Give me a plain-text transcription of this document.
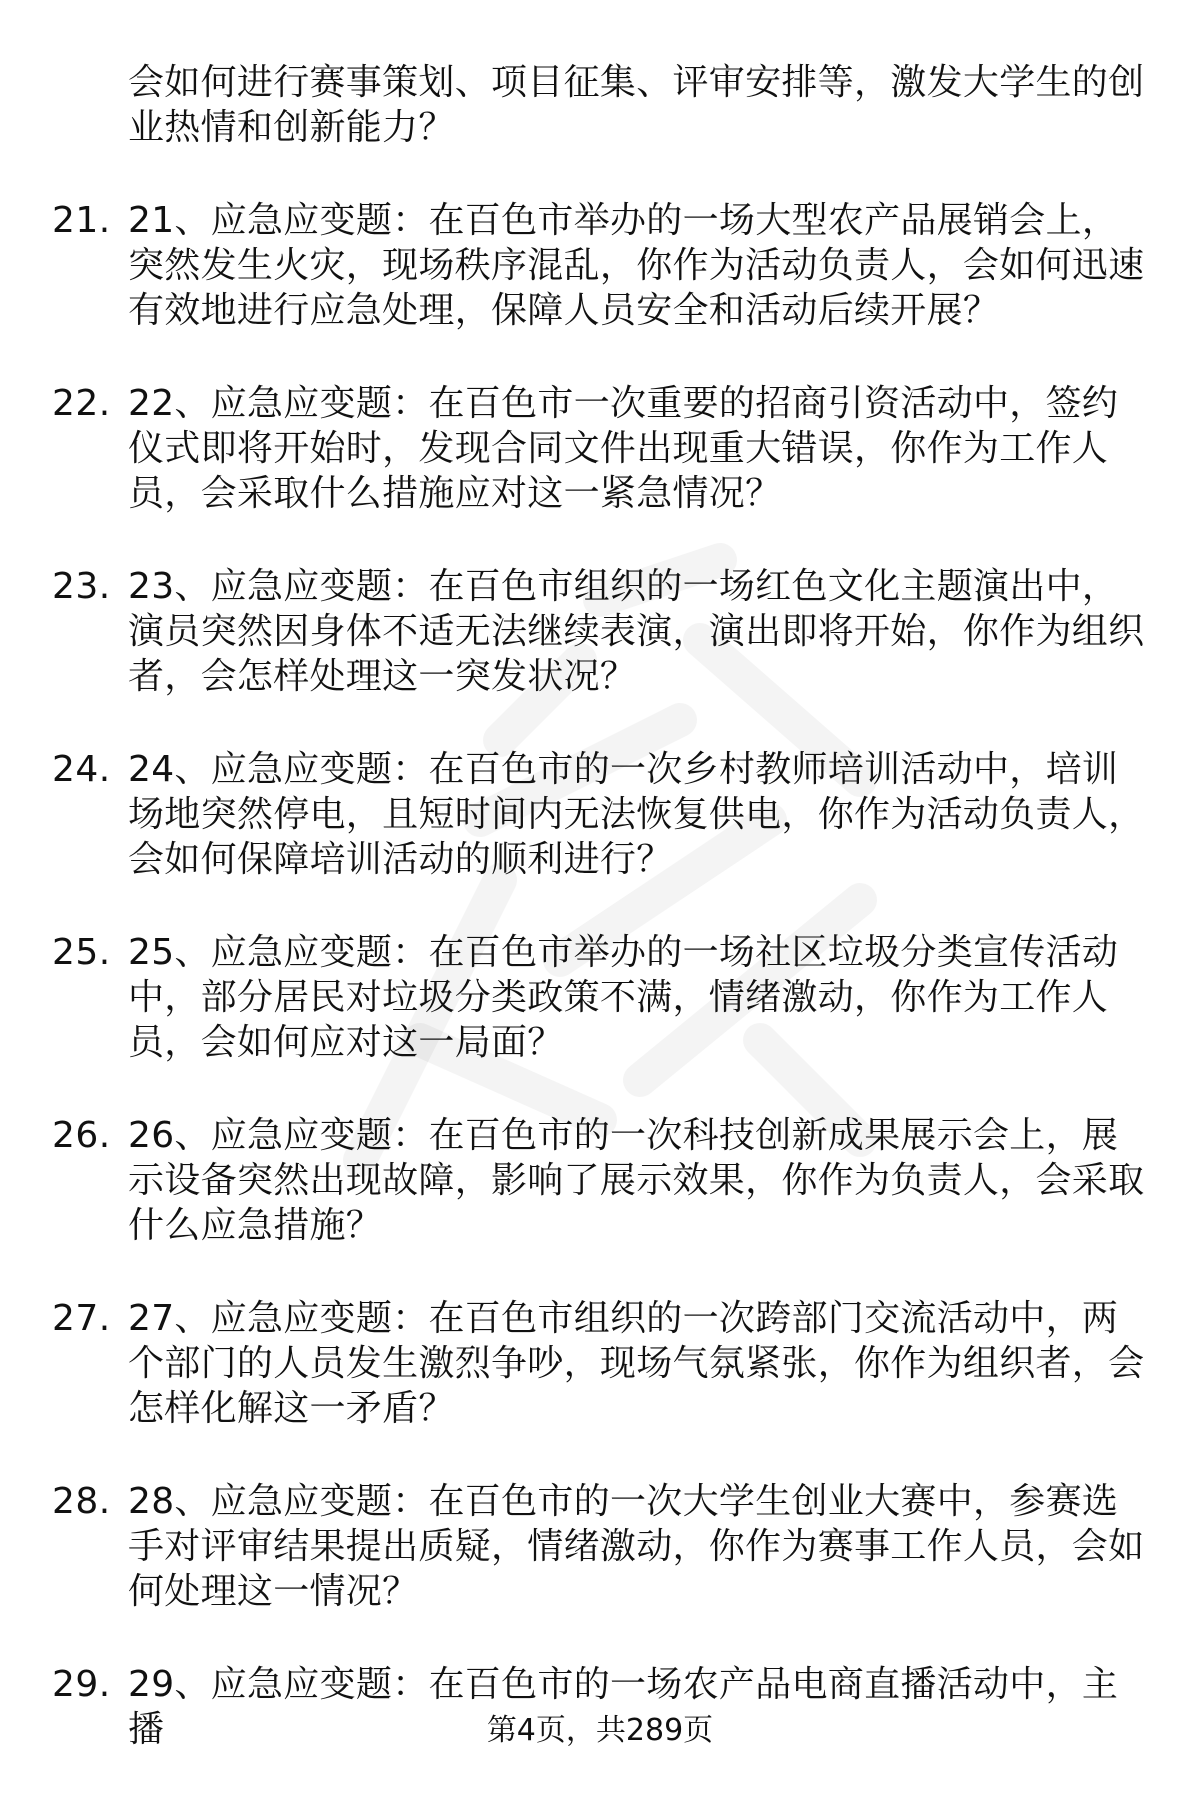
会如何进行赛事策划、项目征集、评审安排等，激发大学生的创业热情和创新能力？
21. 21、应急应变题：在百色市举办的一场大型农产品展销会上，突然发生火灾，现场秩序混乱，你作为活动负责人，会如何迅速有效地进行应急处理，保障人员安全和活动后续开展？
22. 22、应急应变题：在百色市一次重要的招商引资活动中，签约仪式即将开始时，发现合同文件出现重大错误，你作为工作人员，会采取什么措施应对这一紧急情况？
23. 23、应急应变题：在百色市组织的一场红色文化主题演出中，演员突然因身体不适无法继续表演，演出即将开始，你作为组织者，会怎样处理这一突发状况？
24. 24、应急应变题：在百色市的一次乡村教师培训活动中，培训场地突然停电，且短时间内无法恢复供电，你作为活动负责人，会如何保障培训活动的顺利进行？
25. 25、应急应变题：在百色市举办的一场社区垃圾分类宣传活动中，部分居民对垃圾分类政策不满，情绪激动，你作为工作人员，会如何应对这一局面？
26. 26、应急应变题：在百色市的一次科技创新成果展示会上，展示设备突然出现故障，影响了展示效果，你作为负责人，会采取什么应急措施？
27. 27、应急应变题：在百色市组织的一次跨部门交流活动中，两个部门的人员发生激烈争吵，现场气氛紧张，你作为组织者，会怎样化解这一矛盾？
28. 28、应急应变题：在百色市的一次大学生创业大赛中，参赛选手对评审结果提出质疑，情绪激动，你作为赛事工作人员，会如何处理这一情况？
29. 29、应急应变题：在百色市的一场农产品电商直播活动中，主播	第4页，共289页
